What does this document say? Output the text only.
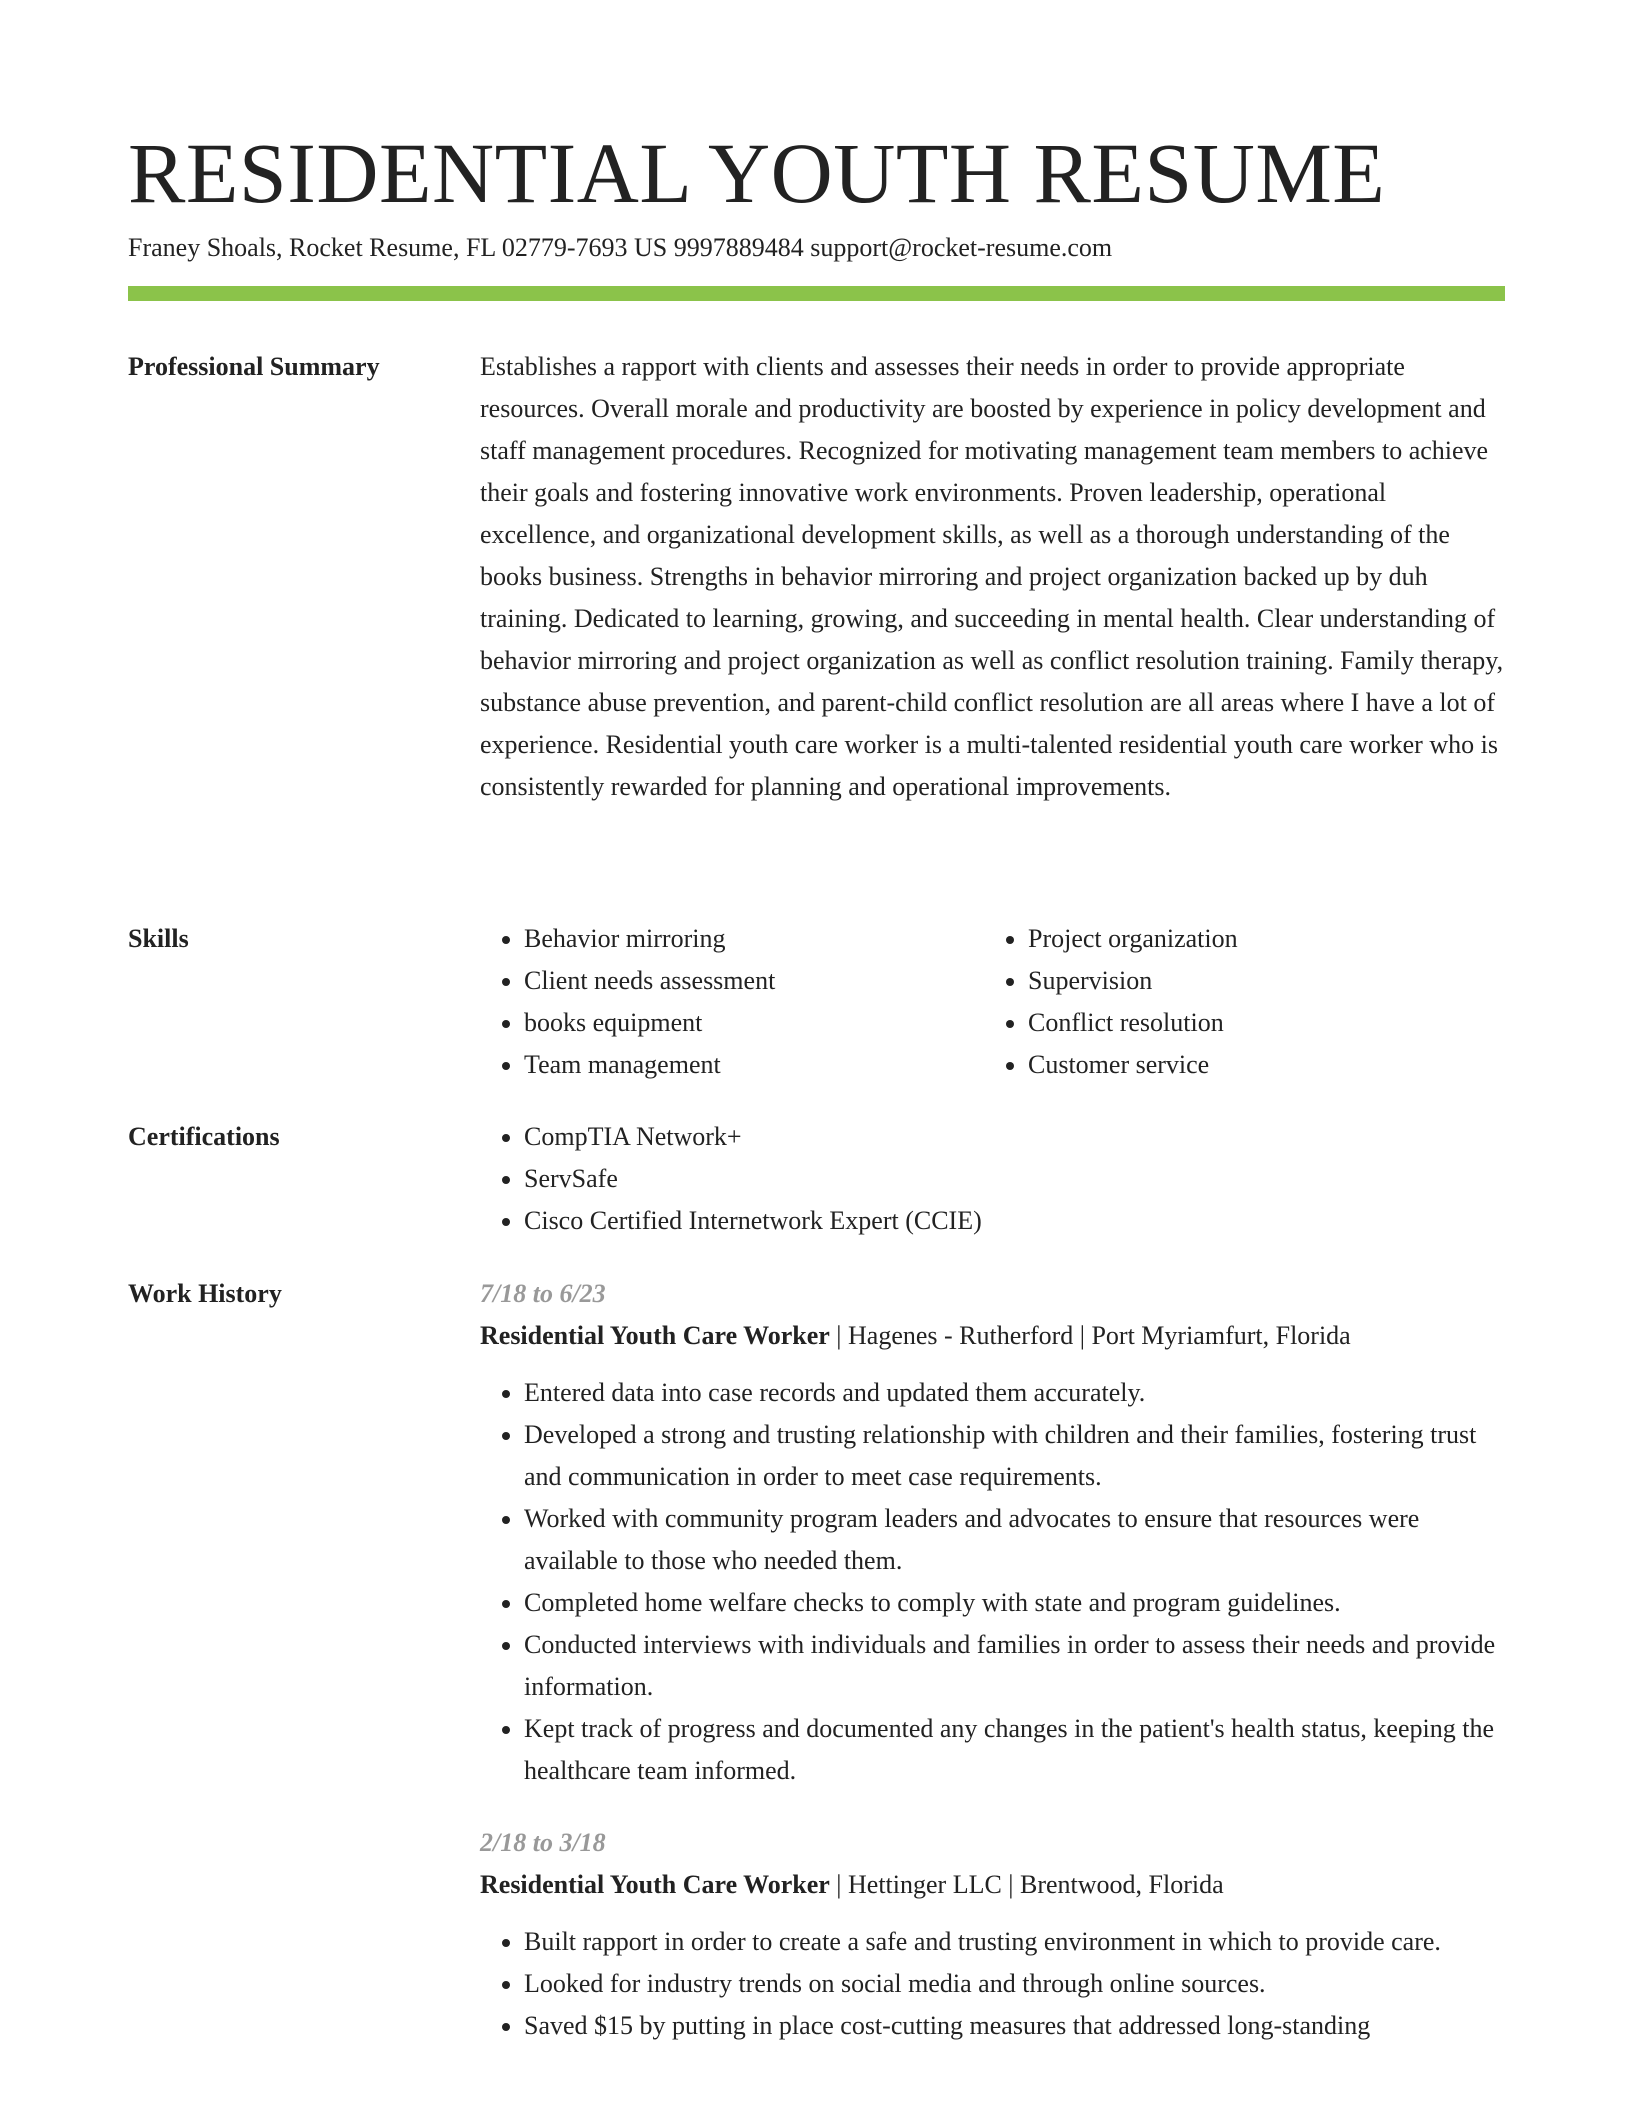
RESIDENTIAL YOUTH RESUME
Franey Shoals, Rocket Resume, FL 02779-7693 US 9997889484 support@rocket-resume.com
Professional Summary	Establishes a rapport with clients and assesses their needs in order to provide appropriate resources. Overall morale and productivity are boosted by experience in policy development and staff management procedures. Recognized for motivating management team members to achieve their goals and fostering innovative work environments. Proven leadership, operational excellence, and organizational development skills, as well as a thorough understanding of the books business. Strengths in behavior mirroring and project organization backed up by duh training. Dedicated to learning, growing, and succeeding in mental health. Clear understanding of behavior mirroring and project organization as well as conflict resolution training. Family therapy, substance abuse prevention, and parent-child conflict resolution are all areas where I have a lot of experience. Residential youth care worker is a multi-talented residential youth care worker who is consistently rewarded for planning and operational improvements.

Skills	• Behavior mirroring
• Client needs assessment
• books equipment
• Team management
• Project organization
• Supervision
• Conflict resolution
• Customer service
Certifications	• CompTIA Network+
• ServSafe
• Cisco Certified Internetwork Expert (CCIE)
Work History	7/18 to 6/23
Residential Youth Care Worker | Hagenes - Rutherford | Port Myriamfurt, Florida
• Entered data into case records and updated them accurately.
• Developed a strong and trusting relationship with children and their families, fostering trust and communication in order to meet case requirements.
• Worked with community program leaders and advocates to ensure that resources were available to those who needed them.
• Completed home welfare checks to comply with state and program guidelines.
• Conducted interviews with individuals and families in order to assess their needs and provide information.
• Kept track of progress and documented any changes in the patient's health status, keeping the healthcare team informed.
2/18 to 3/18
Residential Youth Care Worker | Hettinger LLC | Brentwood, Florida
• Built rapport in order to create a safe and trusting environment in which to provide care.
• Looked for industry trends on social media and through online sources.
• Saved $15 by putting in place cost-cutting measures that addressed long-standing
